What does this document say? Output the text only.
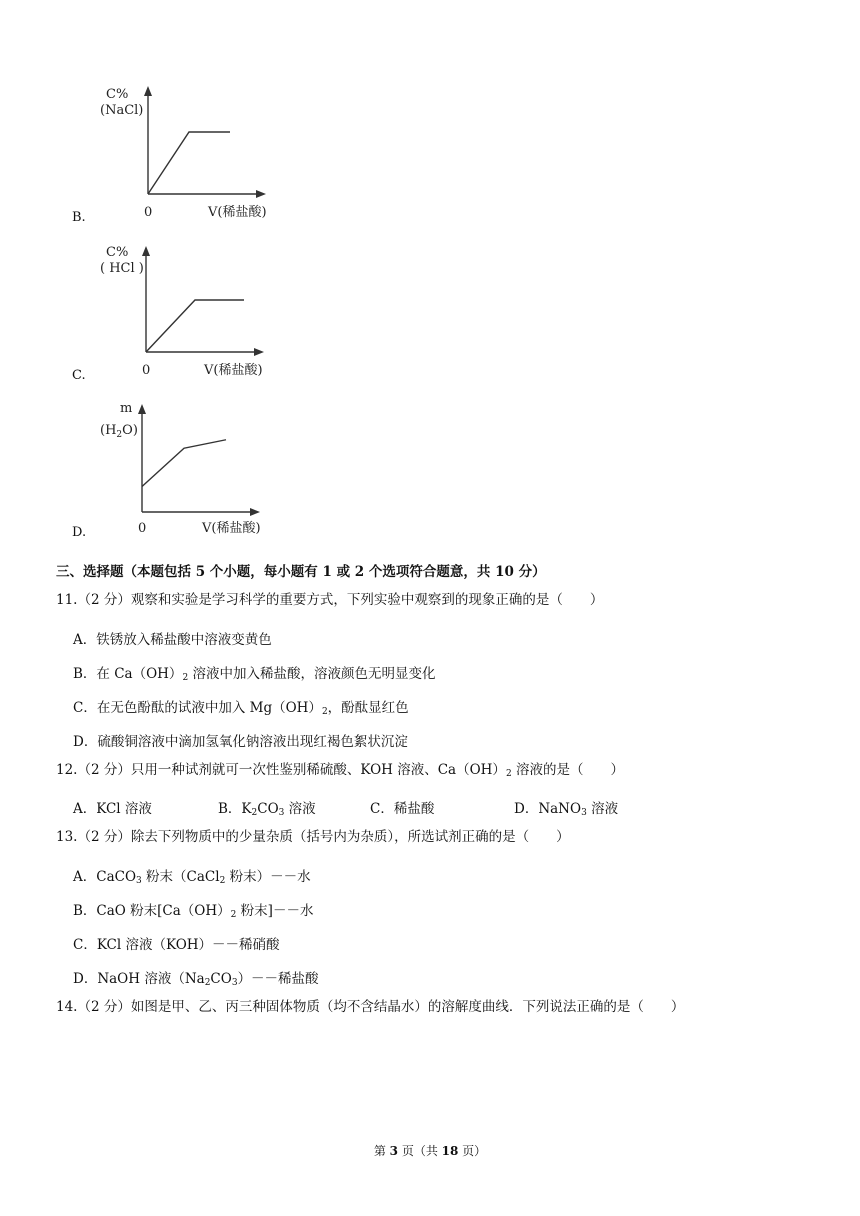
B.
C%
(NaCl)
0	V(稀盐酸)
C.
C%
( HCl )
0	V(稀盐酸)
D.
m
$(H_2O)$
0	V(稀盐酸)
三、选择题（本题包括 5 个小题，每小题有 1 或 2 个选项符合题意，共 10 分）
11.（2 分）观察和实验是学习科学的重要方式，下列实验中观察到的现象正确的是（　　）
A．铁锈放入稀盐酸中溶液变黄色
B．在 $Ca(OH)_2$ 溶液中加入稀盐酸，溶液颜色无明显变化
C．在无色酚酞的试液中加入 $Mg(OH)_2$，酚酞显红色
D．硫酸铜溶液中滴加氢氧化钠溶液出现红褐色絮状沉淀
12.（2 分）只用一种试剂就可一次性鉴别稀硫酸、KOH 溶液、$Ca(OH)_2$ 溶液的是（　　）
A．KCl 溶液	B．$K_2CO_3$ 溶液	C．稀盐酸	D．NaNO$_3$ 溶液
13.（2 分）除去下列物质中的少量杂质（括号内为杂质），所选试剂正确的是（　　）
A．CaCO$_3$ 粉末（CaCl$_2$ 粉末）－－水
B．CaO 粉末[$Ca(OH)_2$ 粉末]－－水
C．KCl 溶液（KOH）－－稀硝酸
D．NaOH 溶液$(Na_2CO_3)--$稀盐酸
14.（2 分）如图是甲、乙、丙三种固体物质（均不含结晶水）的溶解度曲线．下列说法正确的是（　　）
第 3 页（共 18 页）
